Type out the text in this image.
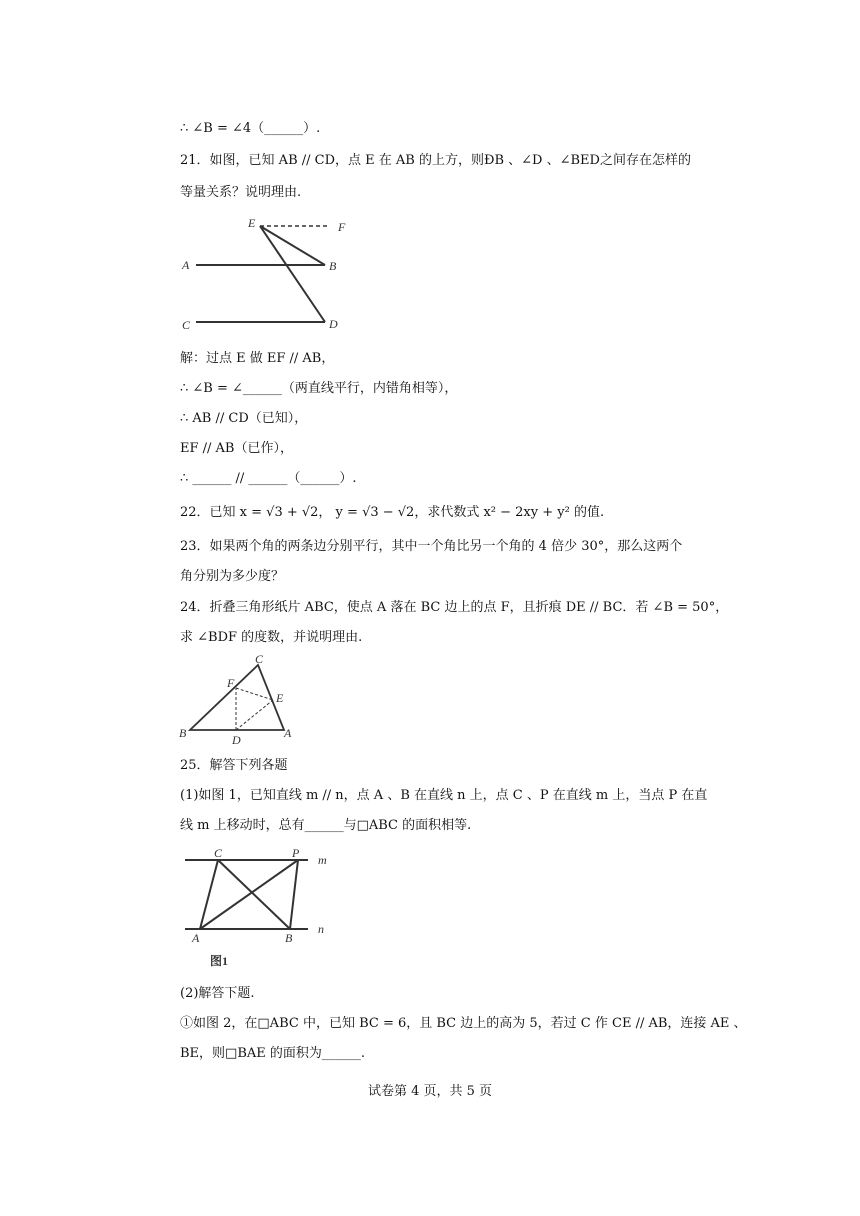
∴ ∠B = ∠4（______）.
21．如图，已知 AB // CD，点 E 在 AB 的上方，则ÐB 、∠D 、∠BED之间存在怎样的
等量关系？说明理由.
E	F
A	B
C	D
解：过点 E 做 EF // AB，
∴ ∠B = ∠______（两直线平行，内错角相等），
∴ AB // CD（已知），
EF // AB（已作），
∴ ______ // ______（______）.
22．已知 x = √3 + √2， y = √3 − √2，求代数式 x² − 2xy + y² 的值.
23．如果两个角的两条边分别平行，其中一个角比另一个角的 4 倍少 30°，那么这两个
角分别为多少度？
24．折叠三角形纸片 ABC，使点 A 落在 BC 边上的点 F，且折痕 DE // BC．若 ∠B = 50°，
求 ∠BDF 的度数，并说明理由.
C
F
E
B	D	A
25．解答下列各题
(1)如图 1，已知直线 m // n，点 A 、B 在直线 n 上，点 C 、P 在直线 m 上，当点 P 在直
线 m 上移动时，总有______与□ABC 的面积相等.
C	P m
A	B
n
图1
(2)解答下题.
①如图 2，在□ABC 中，已知 BC = 6，且 BC 边上的高为 5，若过 C 作 CE // AB，连接 AE 、
BE，则□BAE 的面积为______.
试卷第 4 页，共 5 页
